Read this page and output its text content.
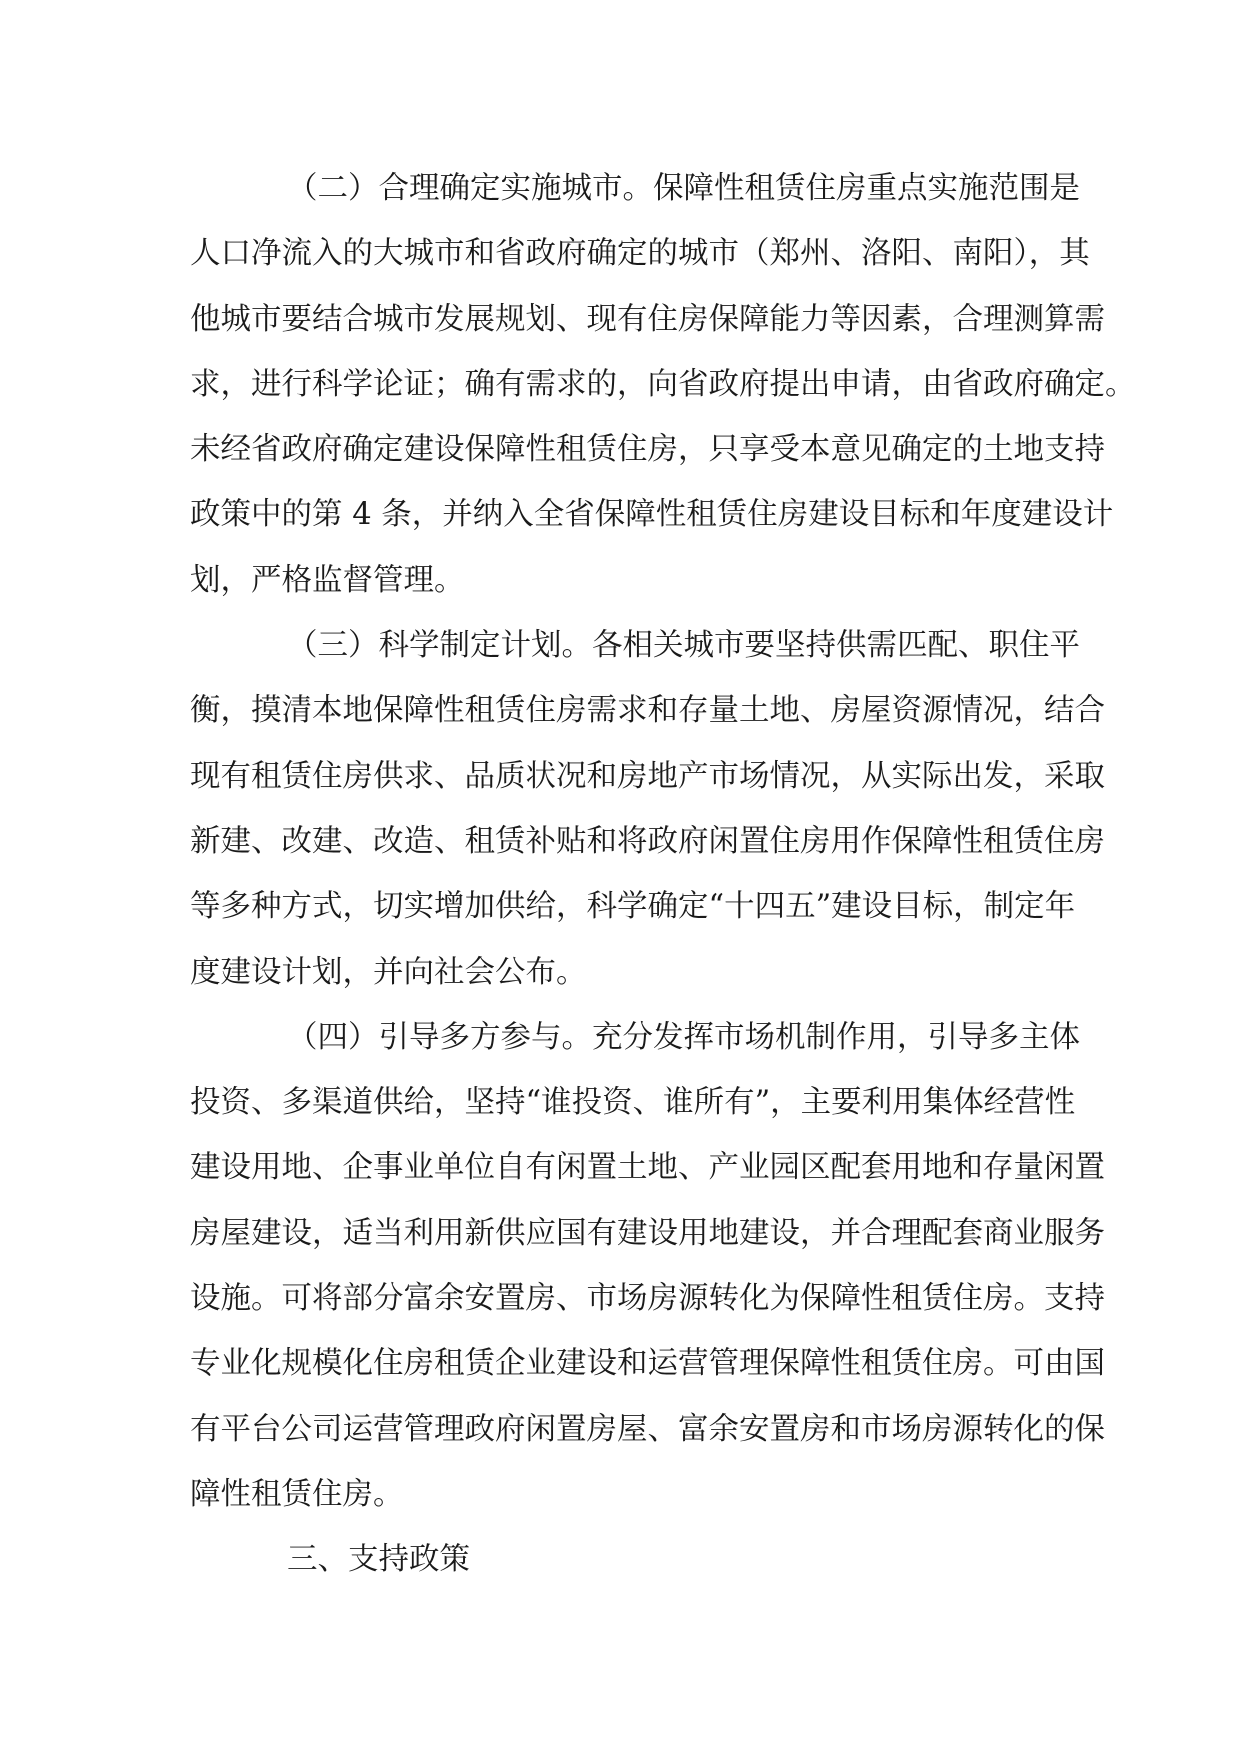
（二）合理确定实施城市。保障性租赁住房重点实施范围是
人口净流入的大城市和省政府确定的城市（郑州、洛阳、南阳），其
他城市要结合城市发展规划、现有住房保障能力等因素，合理测算需
求，进行科学论证；确有需求的，向省政府提出申请，由省政府确定。
未经省政府确定建设保障性租赁住房，只享受本意见确定的土地支持
政策中的第 4 条，并纳入全省保障性租赁住房建设目标和年度建设计
划，严格监督管理。
（三）科学制定计划。各相关城市要坚持供需匹配、职住平
衡，摸清本地保障性租赁住房需求和存量土地、房屋资源情况，结合
现有租赁住房供求、品质状况和房地产市场情况，从实际出发，采取
新建、改建、改造、租赁补贴和将政府闲置住房用作保障性租赁住房
等多种方式，切实增加供给，科学确定“十四五”建设目标，制定年
度建设计划，并向社会公布。
（四）引导多方参与。充分发挥市场机制作用，引导多主体
投资、多渠道供给，坚持“谁投资、谁所有”，主要利用集体经营性
建设用地、企事业单位自有闲置土地、产业园区配套用地和存量闲置
房屋建设，适当利用新供应国有建设用地建设，并合理配套商业服务
设施。可将部分富余安置房、市场房源转化为保障性租赁住房。支持
专业化规模化住房租赁企业建设和运营管理保障性租赁住房。可由国
有平台公司运营管理政府闲置房屋、富余安置房和市场房源转化的保
障性租赁住房。
三、支持政策
